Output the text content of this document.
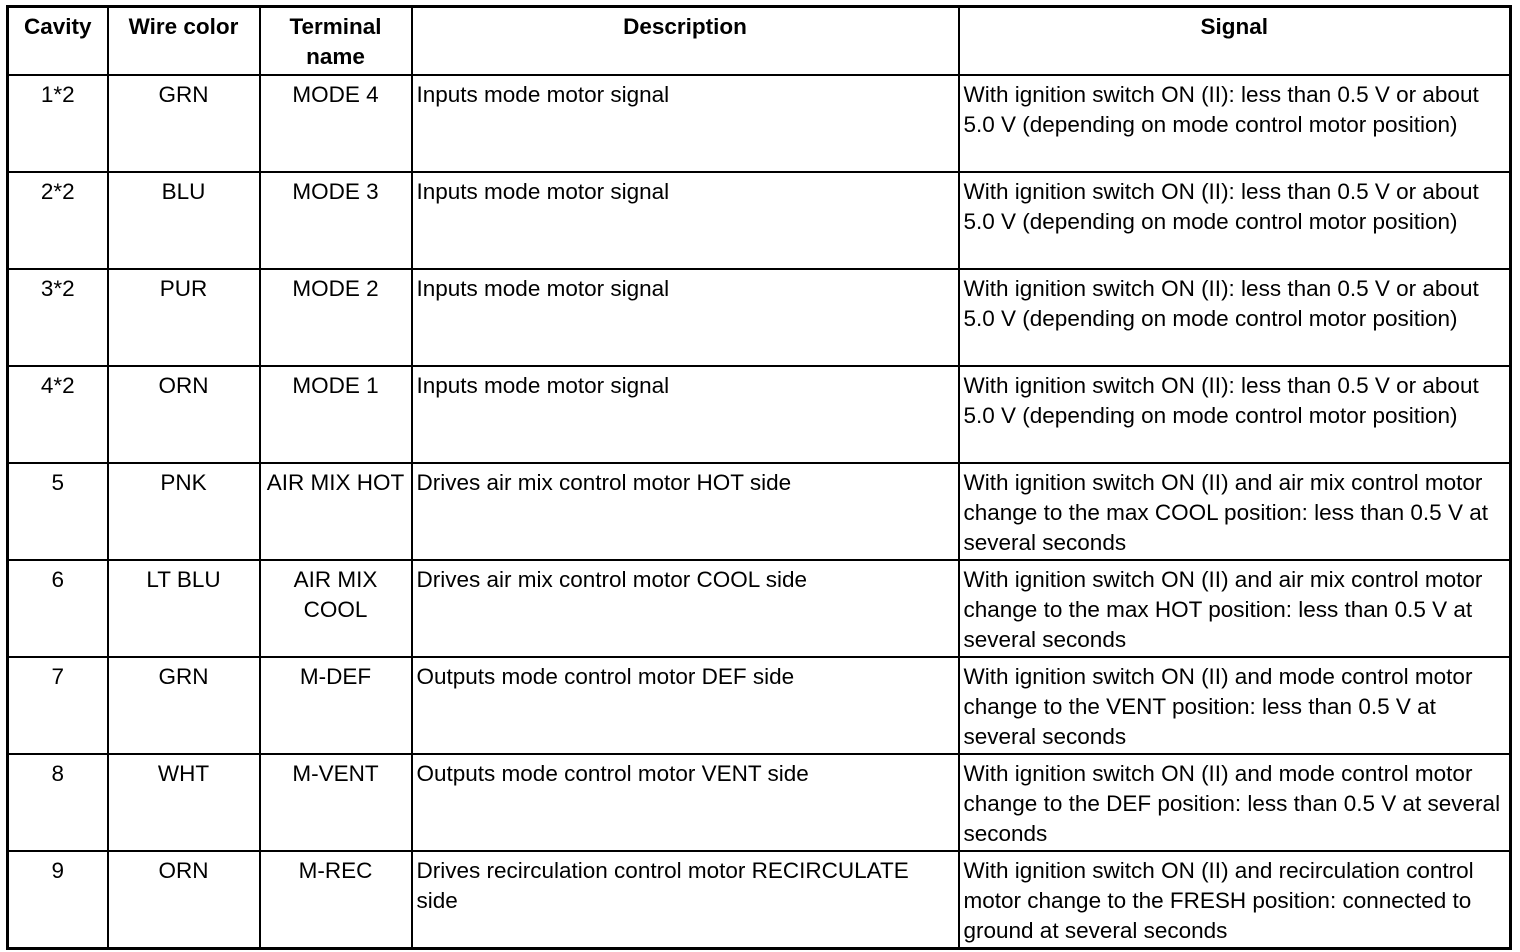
Cavity	Wire color	Terminal name	Description	Signal
1*2	GRN	MODE 4	Inputs mode motor signal	With ignition switch ON (II): less than 0.5 V or about 5.0 V (depending on mode control motor position)
2*2	BLU	MODE 3	Inputs mode motor signal	With ignition switch ON (II): less than 0.5 V or about 5.0 V (depending on mode control motor position)
3*2	PUR	MODE 2	Inputs mode motor signal	With ignition switch ON (II): less than 0.5 V or about 5.0 V (depending on mode control motor position)
4*2	ORN	MODE 1	Inputs mode motor signal	With ignition switch ON (II): less than 0.5 V or about 5.0 V (depending on mode control motor position)
5	PNK	AIR MIX HOT	Drives air mix control motor HOT side	With ignition switch ON (II) and air mix control motor change to the max COOL position: less than 0.5 V at several seconds
6	LT BLU	AIR MIX COOL	Drives air mix control motor COOL side	With ignition switch ON (II) and air mix control motor change to the max HOT position: less than 0.5 V at several seconds
7	GRN	M-DEF	Outputs mode control motor DEF side	With ignition switch ON (II) and mode control motor change to the VENT position: less than 0.5 V at several seconds
8	WHT	M-VENT	Outputs mode control motor VENT side	With ignition switch ON (II) and mode control motor change to the DEF position: less than 0.5 V at several seconds
9	ORN	M-REC	Drives recirculation control motor RECIRCULATE side	With ignition switch ON (II) and recirculation control motor change to the FRESH position: connected to ground at several seconds
